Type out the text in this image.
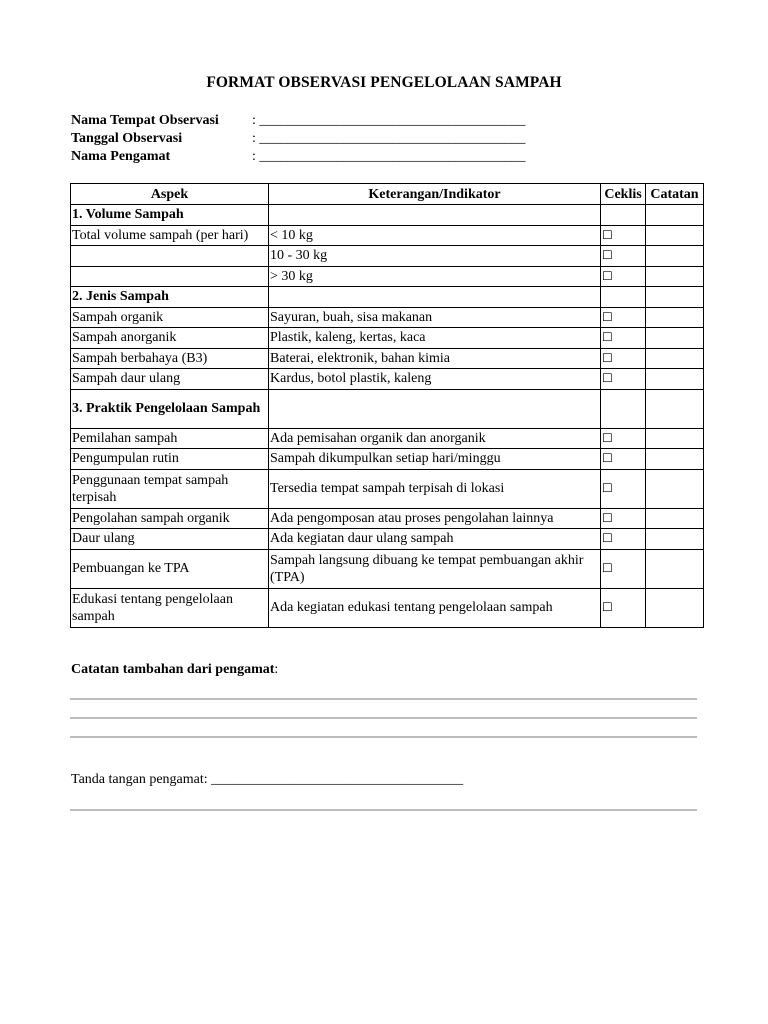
FORMAT OBSERVASI PENGELOLAAN SAMPAH
Nama Tempat Observasi	: ______________________________________
Tanggal Observasi	: ______________________________________
Nama Pengamat	: ______________________________________
Aspek	Keterangan/Indikator	Ceklis	Catatan
1. Volume Sampah			
Total volume sampah (per hari)	< 10 kg	☐	
	10 - 30 kg	☐	
	> 30 kg	☐	
2. Jenis Sampah			
Sampah organik	Sayuran, buah, sisa makanan	☐	
Sampah anorganik	Plastik, kaleng, kertas, kaca	☐	
Sampah berbahaya (B3)	Baterai, elektronik, bahan kimia	☐	
Sampah daur ulang	Kardus, botol plastik, kaleng	☐	
3. Praktik Pengelolaan Sampah			
Pemilahan sampah	Ada pemisahan organik dan anorganik	☐	
Pengumpulan rutin	Sampah dikumpulkan setiap hari/minggu	☐	
Penggunaan tempat sampah terpisah	Tersedia tempat sampah terpisah di lokasi	☐	
Pengolahan sampah organik	Ada pengomposan atau proses pengolahan lainnya	☐	
Daur ulang	Ada kegiatan daur ulang sampah	☐	
Pembuangan ke TPA	Sampah langsung dibuang ke tempat pembuangan akhir (TPA)	☐	
Edukasi tentang pengelolaan sampah	Ada kegiatan edukasi tentang pengelolaan sampah	☐	
Catatan tambahan dari pengamat:
Tanda tangan pengamat: ____________________________________
